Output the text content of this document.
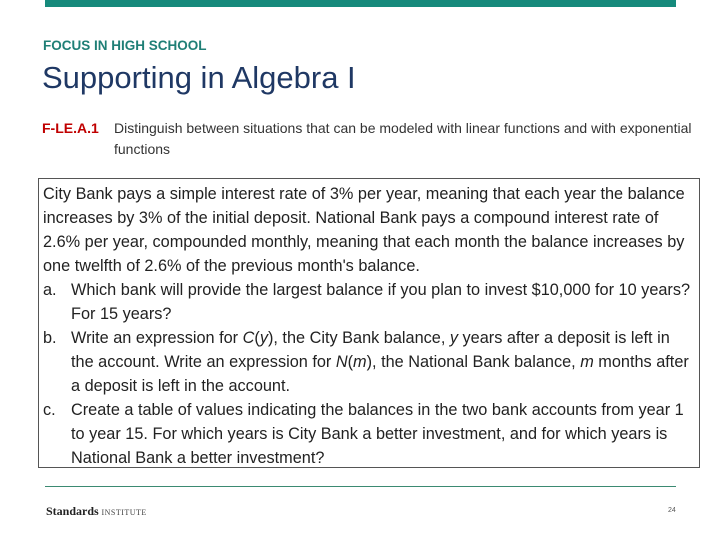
FOCUS IN HIGH SCHOOL
Supporting in Algebra I
F-LE.A.1 Distinguish between situations that can be modeled with linear functions and with exponential functions

City Bank pays a simple interest rate of 3% per year, meaning that each year the balance increases by 3% of the initial deposit. National Bank pays a compound interest rate of 2.6% per year, compounded monthly, meaning that each month the balance increases by one twelfth of 2.6% of the previous month's balance.

a. Which bank will provide the largest balance if you plan to invest $10,000 for 10 years? For 15 years?
b. Write an expression for C(y), the City Bank balance, y years after a deposit is left in the account. Write an expression for N(m), the National Bank balance, m months after a deposit is left in the account.
c. Create a table of values indicating the balances in the two bank accounts from year 1 to year 15. For which years is City Bank a better investment, and for which years is National Bank a better investment?
Standards INSTITUTE	24
